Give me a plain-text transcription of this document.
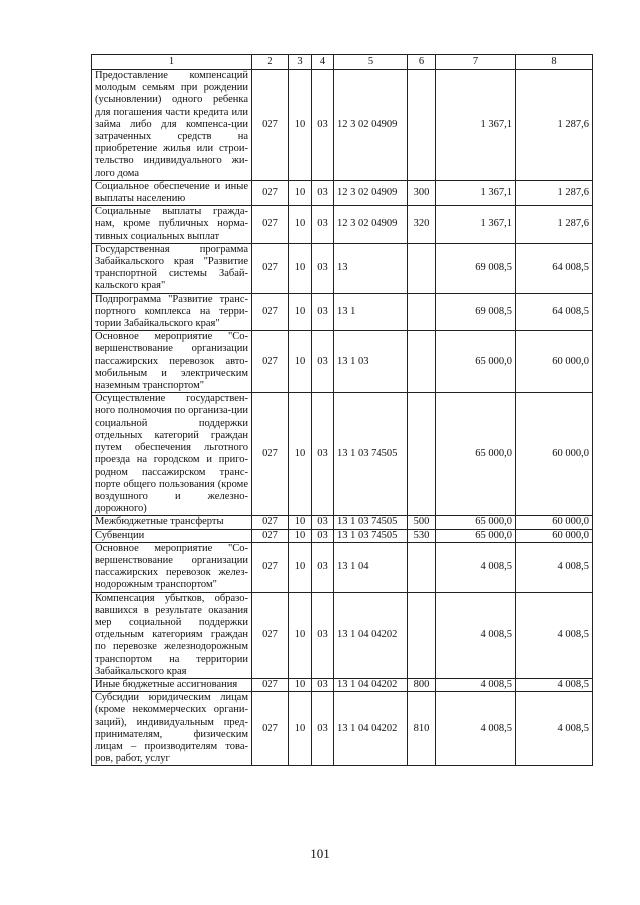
1	2	3	4	5	6	7	8
Предоставление компенсаций молодым семьям при рождении (усыновлении) одного ребенка для погашения части кредита или займа либо для компенса-ции затраченных средств на приобретение жилья или строи-тельство индивидуального жи-лого дома	027	10	03	12 3 02 04909		1 367,1	1 287,6
Социальное обеспечение и иные выплаты населению	027	10	03	12 3 02 04909	300	1 367,1	1 287,6
Социальные выплаты гражда-нам, кроме публичных норма-тивных социальных выплат	027	10	03	12 3 02 04909	320	1 367,1	1 287,6
Государственная программа Забайкальского края "Развитие транспортной системы Забай-кальского края"	027	10	03	13		69 008,5	64 008,5
Подпрограмма "Развитие транс-портного комплекса на терри-тории Забайкальского края"	027	10	03	13 1		69 008,5	64 008,5
Основное мероприятие "Со-вершенствование организации пассажирских перевозок авто-мобильным и электрическим наземным транспортом"	027	10	03	13 1 03		65 000,0	60 000,0
Осуществление государствен-ного полномочия по организа-ции социальной поддержки отдельных категорий граждан путем обеспечения льготного проезда на городском и приго-родном пассажирском транс-порте общего пользования (кроме воздушного и железно-дорожного)	027	10	03	13 1 03 74505		65 000,0	60 000,0
Межбюджетные трансферты	027	10	03	13 1 03 74505	500	65 000,0	60 000,0
Субвенции	027	10	03	13 1 03 74505	530	65 000,0	60 000,0
Основное мероприятие "Со-вершенствование организации пассажирских перевозок желез-нодорожным транспортом"	027	10	03	13 1 04		4 008,5	4 008,5
Компенсация убытков, образо-вавшихся в результате оказания мер социальной поддержки отдельным категориям граждан по перевозке железнодорожным транспортом на территории Забайкальского края	027	10	03	13 1 04 04202		4 008,5	4 008,5
Иные бюджетные ассигнования	027	10	03	13 1 04 04202	800	4 008,5	4 008,5
Субсидии юридическим лицам (кроме некоммерческих органи-заций), индивидуальным пред-принимателям, физическим лицам – производителям това-ров, работ, услуг	027	10	03	13 1 04 04202	810	4 008,5	4 008,5
101
